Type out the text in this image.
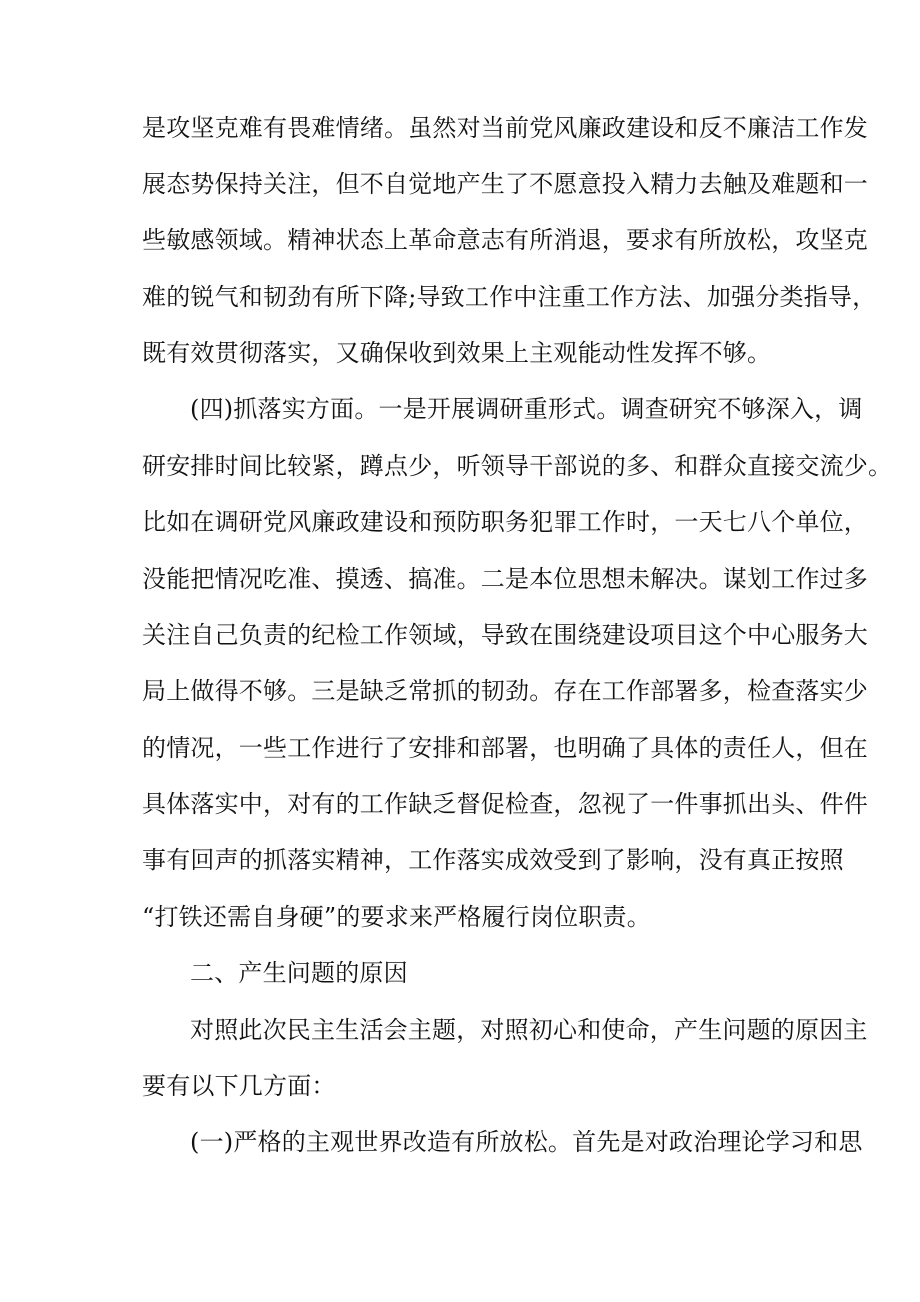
是攻坚克难有畏难情绪。虽然对当前党风廉政建设和反不廉洁工作发
展态势保持关注，但不自觉地产生了不愿意投入精力去触及难题和一
些敏感领域。精神状态上革命意志有所消退，要求有所放松，攻坚克
难的锐气和韧劲有所下降;导致工作中注重工作方法、加强分类指导，
既有效贯彻落实，又确保收到效果上主观能动性发挥不够。
(四)抓落实方面。一是开展调研重形式。调查研究不够深入，调
研安排时间比较紧，蹲点少，听领导干部说的多、和群众直接交流少。
比如在调研党风廉政建设和预防职务犯罪工作时，一天七八个单位，
没能把情况吃准、摸透、搞准。二是本位思想未解决。谋划工作过多
关注自己负责的纪检工作领域，导致在围绕建设项目这个中心服务大
局上做得不够。三是缺乏常抓的韧劲。存在工作部署多，检查落实少
的情况，一些工作进行了安排和部署，也明确了具体的责任人，但在
具体落实中，对有的工作缺乏督促检查，忽视了一件事抓出头、件件
事有回声的抓落实精神，工作落实成效受到了影响，没有真正按照
“打铁还需自身硬”的要求来严格履行岗位职责。
二、产生问题的原因
对照此次民主生活会主题，对照初心和使命，产生问题的原因主
要有以下几方面：
(一)严格的主观世界改造有所放松。首先是对政治理论学习和思
